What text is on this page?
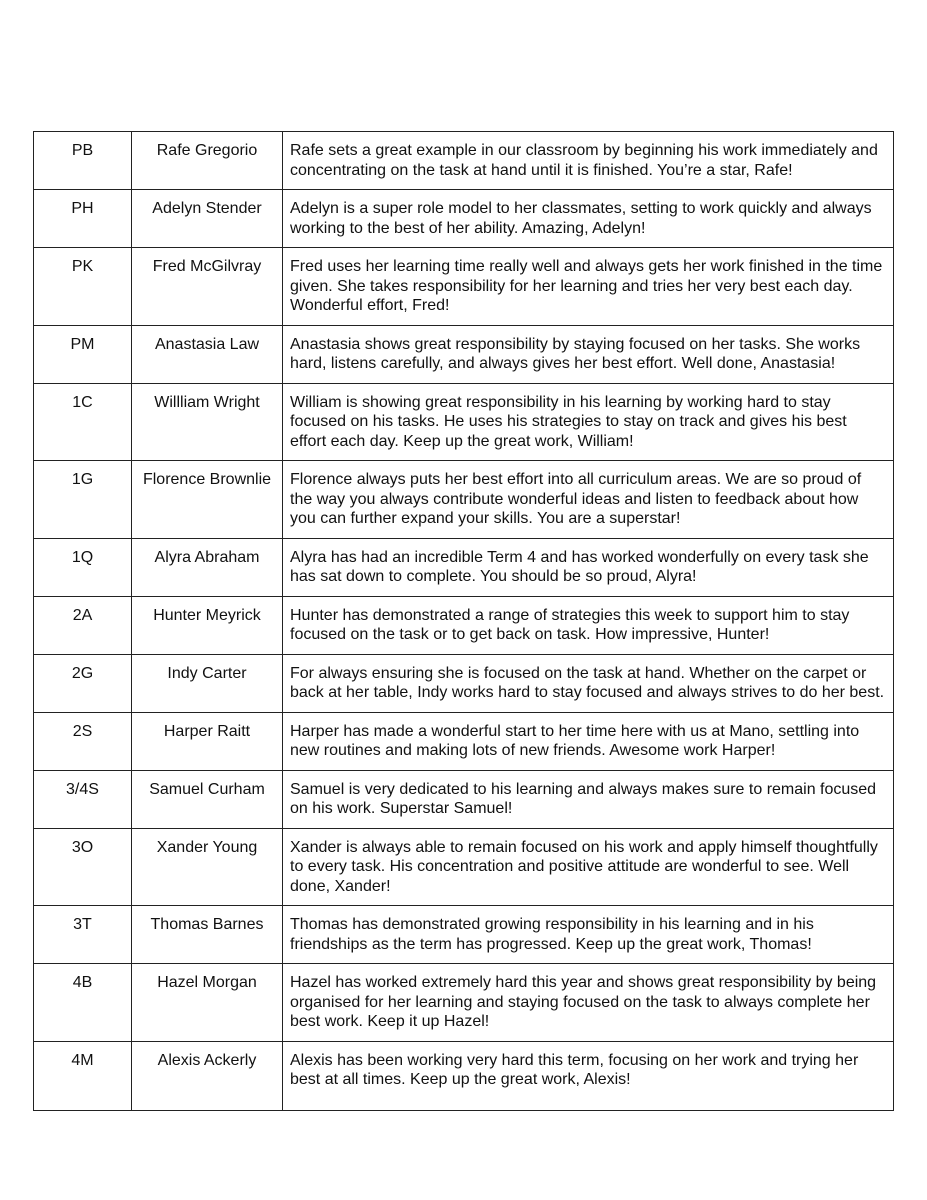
PB	Rafe Gregorio	Rafe sets a great example in our classroom by beginning his work immediately and concentrating on the task at hand until it is finished. You’re a star, Rafe!
PH	Adelyn Stender	Adelyn is a super role model to her classmates, setting to work quickly and always working to the best of her ability. Amazing, Adelyn!
PK	Fred McGilvray	Fred uses her learning time really well and always gets her work finished in the time given. She takes responsibility for her learning and tries her very best each day. Wonderful effort, Fred!
PM	Anastasia Law	Anastasia shows great responsibility by staying focused on her tasks. She works hard, listens carefully, and always gives her best effort. Well done, Anastasia!
1C	Willliam Wright	William is showing great responsibility in his learning by working hard to stay focused on his tasks. He uses his strategies to stay on track and gives his best effort each day. Keep up the great work, William!
1G	Florence Brownlie	Florence always puts her best effort into all curriculum areas. We are so proud of the way you always contribute wonderful ideas and listen to feedback about how you can further expand your skills. You are a superstar!
1Q	Alyra Abraham	Alyra has had an incredible Term 4 and has worked wonderfully on every task she has sat down to complete. You should be so proud, Alyra!
2A	Hunter Meyrick	Hunter has demonstrated a range of strategies this week to support him to stay focused on the task or to get back on task. How impressive, Hunter!
2G	Indy Carter	For always ensuring she is focused on the task at hand. Whether on the carpet or back at her table, Indy works hard to stay focused and always strives to do her best.
2S	Harper Raitt	Harper has made a wonderful start to her time here with us at Mano, settling into new routines and making lots of new friends. Awesome work Harper!
3/4S	Samuel Curham	Samuel is very dedicated to his learning and always makes sure to remain focused on his work. Superstar Samuel!
3O	Xander Young	Xander is always able to remain focused on his work and apply himself thoughtfully to every task. His concentration and positive attitude are wonderful to see. Well done, Xander!
3T	Thomas Barnes	Thomas has demonstrated growing responsibility in his learning and in his friendships as the term has progressed. Keep up the great work, Thomas!
4B	Hazel Morgan	Hazel has worked extremely hard this year and shows great responsibility by being organised for her learning and staying focused on the task to always complete her best work. Keep it up Hazel!
4M	Alexis Ackerly	Alexis has been working very hard this term, focusing on her work and trying her best at all times. Keep up the great work, Alexis!
